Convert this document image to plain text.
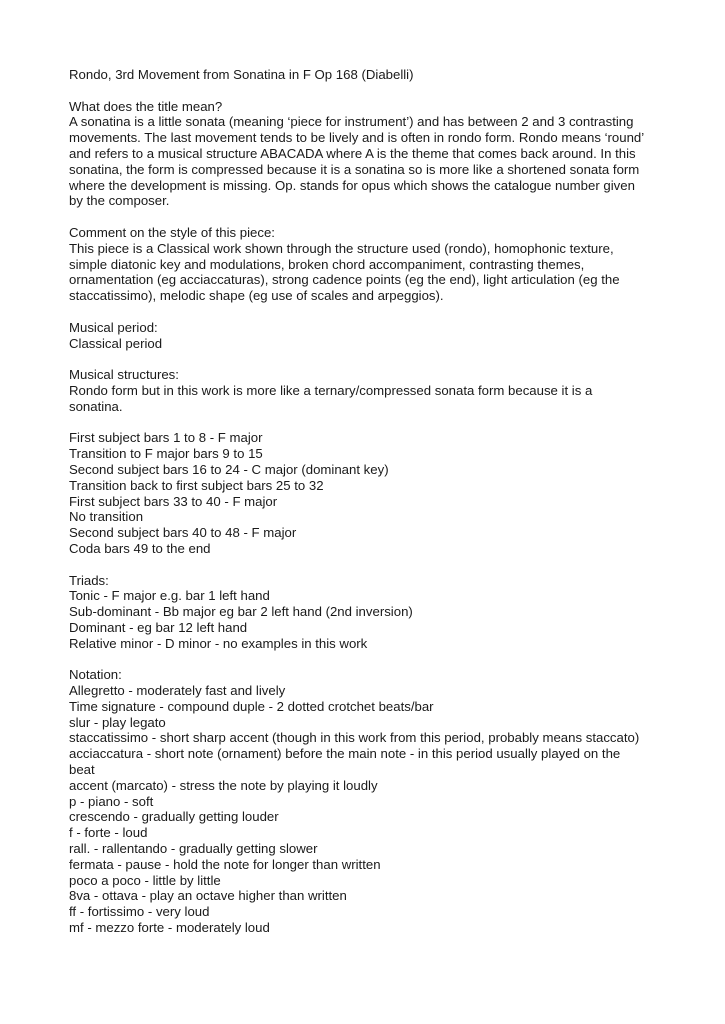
Rondo, 3rd Movement from Sonatina in F Op 168 (Diabelli)
What does the title mean?
A sonatina is a little sonata (meaning ‘piece for instrument’) and has between 2 and 3 contrasting
movements. The last movement tends to be lively and is often in rondo form. Rondo means ‘round’
and refers to a musical structure ABACADA where A is the theme that comes back around. In this
sonatina, the form is compressed because it is a sonatina so is more like a shortened sonata form
where the development is missing. Op. stands for opus which shows the catalogue number given
by the composer.
Comment on the style of this piece:
This piece is a Classical work shown through the structure used (rondo), homophonic texture,
simple diatonic key and modulations, broken chord accompaniment, contrasting themes,
ornamentation (eg acciaccaturas), strong cadence points (eg the end), light articulation (eg the
staccatissimo), melodic shape (eg use of scales and arpeggios).
Musical period:
Classical period
Musical structures:
Rondo form but in this work is more like a ternary/compressed sonata form because it is a
sonatina.
First subject bars 1 to 8 - F major
Transition to F major bars 9 to 15
Second subject bars 16 to 24 - C major (dominant key)
Transition back to first subject bars 25 to 32
First subject bars 33 to 40 - F major
No transition
Second subject bars 40 to 48 - F major
Coda bars 49 to the end
Triads:
Tonic - F major e.g. bar 1 left hand
Sub-dominant - Bb major eg bar 2 left hand (2nd inversion)
Dominant - eg bar 12 left hand
Relative minor - D minor - no examples in this work
Notation:
Allegretto - moderately fast and lively
Time signature - compound duple - 2 dotted crotchet beats/bar
slur - play legato
staccatissimo - short sharp accent (though in this work from this period, probably means staccato)
acciaccatura - short note (ornament) before the main note - in this period usually played on the
beat
accent (marcato) - stress the note by playing it loudly
p - piano - soft
crescendo - gradually getting louder
f - forte - loud
rall. - rallentando - gradually getting slower
fermata - pause - hold the note for longer than written
poco a poco - little by little
8va - ottava - play an octave higher than written
ff - fortissimo - very loud
mf - mezzo forte - moderately loud
